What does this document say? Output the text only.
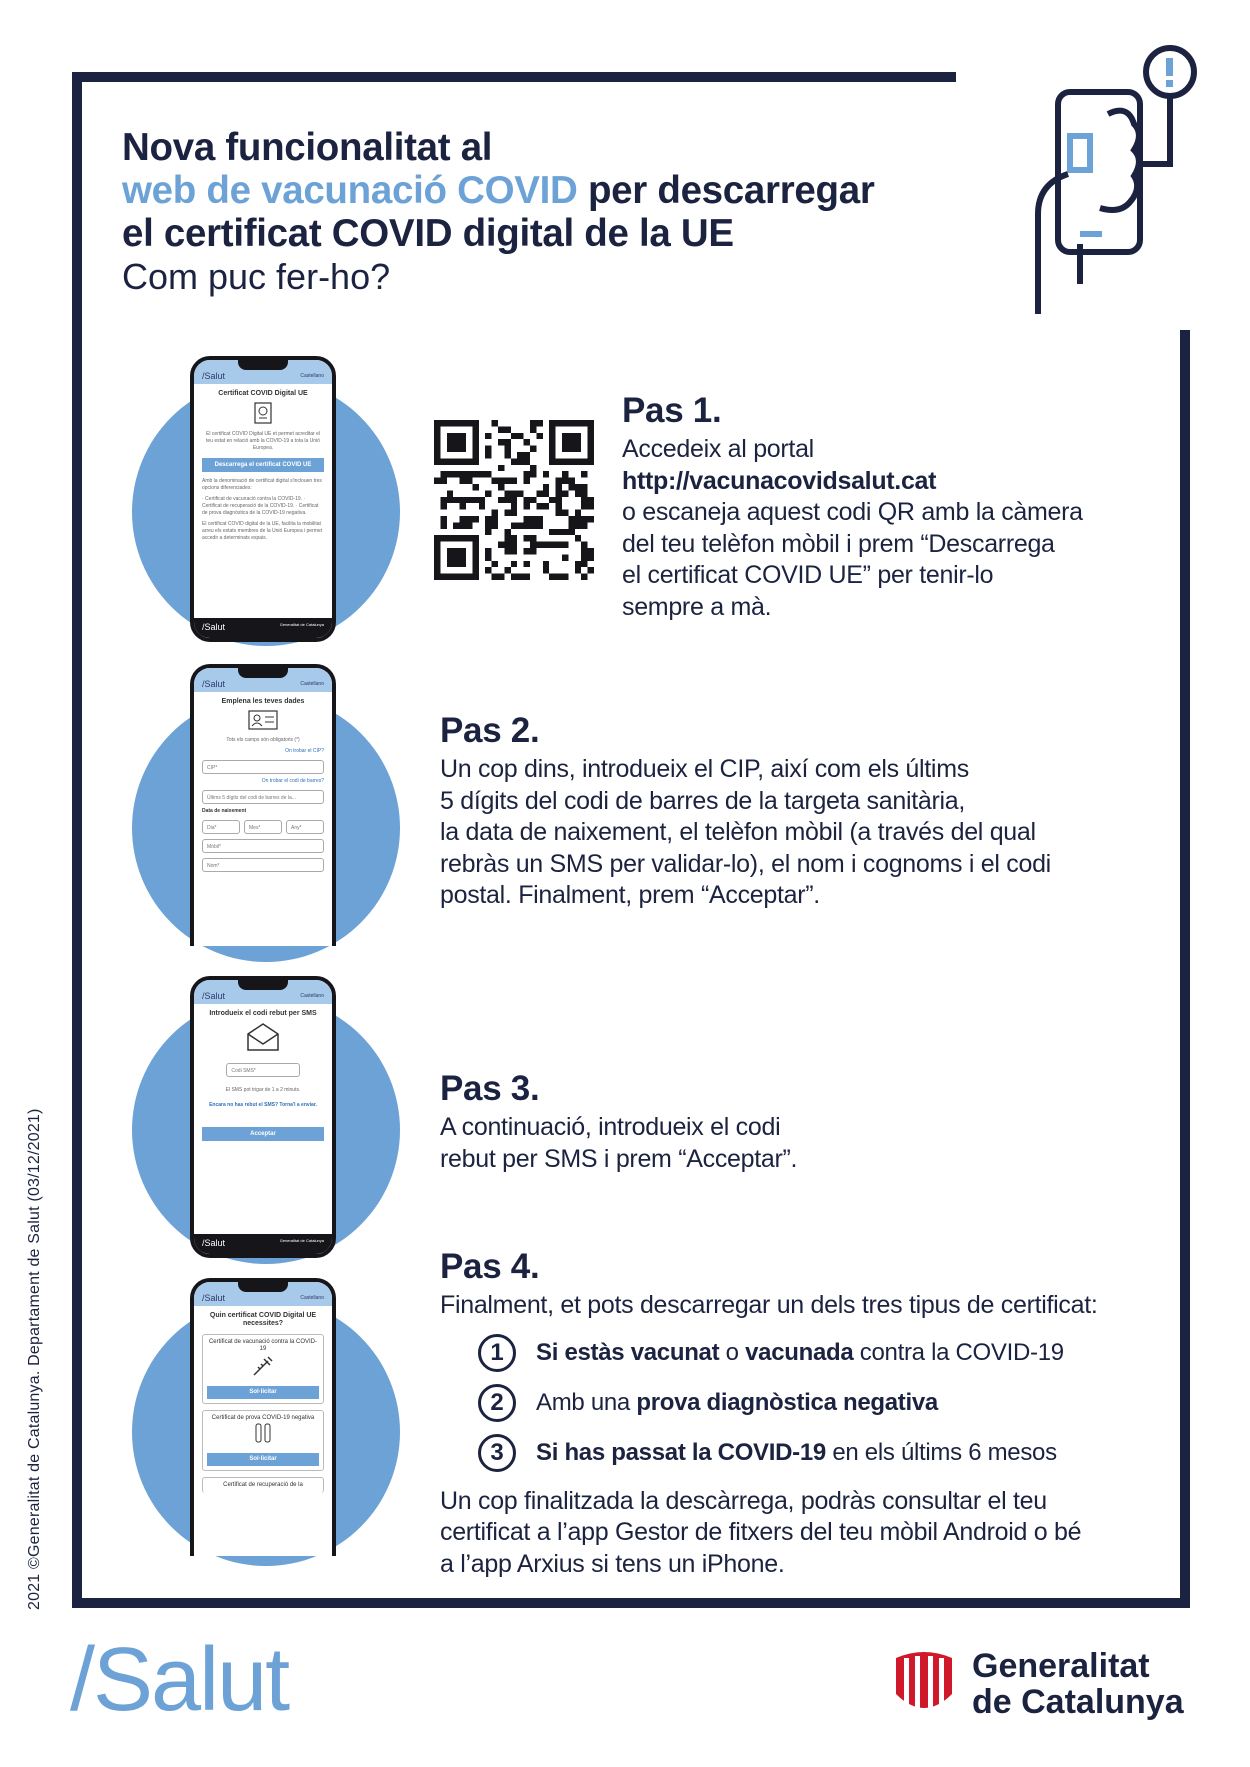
2021 ©Generalitat de Catalunya. Departament de Salut (03/12/2021)
Nova funcionalitat al
web de vacunació COVID per descarregar
el certificat COVID digital de la UE
Com puc fer-ho?
/Salut	Castellano
Certificat COVID Digital UE
El certificat COVID Digital UE et permet acreditar el teu estat en relació amb la COVID-19 a tota la Unió Europea.
Descarrega el certificat COVID UE
Amb la denominació de certificat digital s'inclouen tres opcions diferenciades:
· Certificat de vacunació contra la COVID-19. · Certificat de recuperació de la COVID-19. · Certificat de prova diagnòstica de la COVID-19 negativa.
El certificat COVID digital de la UE, facilita la mobilitat arreu els estats membres de la Unió Europea i permet accedir a determinats espais.
/Salut	Generalitat de Catalunya
Pas 1.
Accedeix al portal
http://vacunacovidsalut.cat
o escaneja aquest codi QR amb la càmera
del teu telèfon mòbil i prem “Descarrega
el certificat COVID UE” per tenir-lo
sempre a mà.
/Salut	Castellano
Emplena les teves dades
Tots els camps són obligatoris (*)
On trobar el CIP?
CIP*
On trobar el codi de barres?
Últims 5 dígits del codi de barres de la...
Data de naixement
Dia*	Mes*	Any*
Mòbil*
Nom*
Pas 2.
Un cop dins, introdueix el CIP, així com els últims
5 dígits del codi de barres de la targeta sanitària,
la data de naixement, el telèfon mòbil (a través del qual
rebràs un SMS per validar-lo), el nom i cognoms i el codi
postal. Finalment, prem “Acceptar”.
/Salut	Castellano
Introdueix el codi rebut per SMS
Codi SMS*
El SMS pot trigar de 1 a 2 minuts.
Encara no has rebut el SMS? Torna'l a enviar.
Acceptar
/Salut	Generalitat de Catalunya
Pas 3.
A continuació, introdueix el codi
rebut per SMS i prem “Acceptar”.
/Salut	Castellano
Quin certificat COVID Digital UE necessites?
Certificat de vacunació contra la COVID-19
Sol·licitar
Certificat de prova COVID-19 negativa
Sol·licitar
Certificat de recuperació de la
Pas 4.
Finalment, et pots descarregar un dels tres tipus de certificat:
1	Si estàs vacunat o vacunada contra la COVID-19
2	Amb una prova diagnòstica negativa
3	Si has passat la COVID-19 en els últims 6 mesos
Un cop finalitzada la descàrrega, podràs consultar el teu
certificat a l’app Gestor de fitxers del teu mòbil Android o bé
a l’app Arxius si tens un iPhone.
/Salut	Generalitat
de Catalunya
